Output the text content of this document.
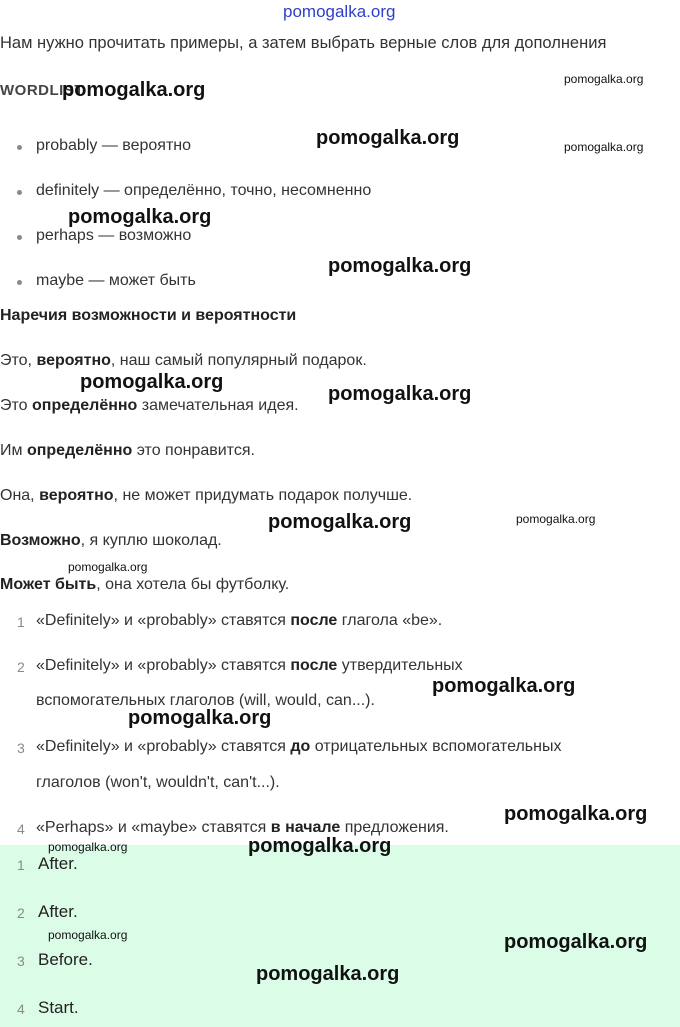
pomogalka.org
Нам нужно прочитать примеры, а затем выбрать верные слов для дополнения
WORDLIST
probably — вероятно
definitely — определённо, точно, несомненно
perhaps — возможно
maybe — может быть
Наречия возможности и вероятности
Это, вероятно, наш самый популярный подарок.
Это определённо замечательная идея.
Им определённо это понравится.
Она, вероятно, не может придумать подарок получше.
Возможно, я куплю шоколад.
Может быть, она хотела бы футболку.
1 «Definitely» и «probably» ставятся после глагола «be».
2 «Definitely» и «probably» ставятся после утвердительных
вспомогательных глаголов (will, would, can...).
3 «Definitely» и «probably» ставятся до отрицательных вспомогательных
глаголов (won't, wouldn't, can't...).
4 «Perhaps» и «maybe» ставятся в начале предложения.
1 After.
2 After.
3 Before.
4 Start.
pomogalka.org	pomogalka.org
pomogalka.org	pomogalka.org
pomogalka.org
pomogalka.org
pomogalka.org
pomogalka.org
pomogalka.org	pomogalka.org
pomogalka.org
pomogalka.org
pomogalka.org
pomogalka.org
pomogalka.org	pomogalka.org
pomogalka.org	pomogalka.org
pomogalka.org
